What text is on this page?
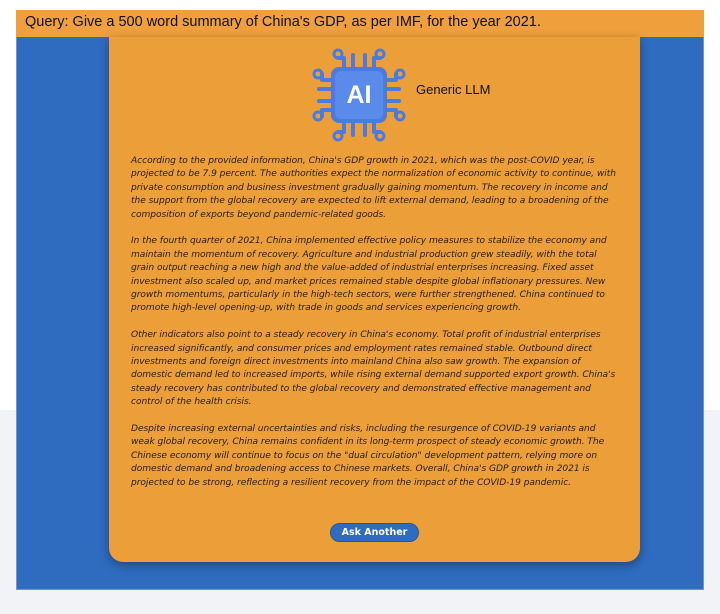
Query: Give a 500 word summary of China's GDP, as per IMF, for the year 2021.
AI	Generic LLM

According to the provided information, China's GDP growth in 2021, which was the post-COVID year, is projected to be 7.9 percent. The authorities expect the normalization of economic activity to continue, with private consumption and business investment gradually gaining momentum. The recovery in income and the support from the global recovery are expected to lift external demand, leading to a broadening of the composition of exports beyond pandemic-related goods.

In the fourth quarter of 2021, China implemented effective policy measures to stabilize the economy and maintain the momentum of recovery. Agriculture and industrial production grew steadily, with the total grain output reaching a new high and the value-added of industrial enterprises increasing. Fixed asset investment also scaled up, and market prices remained stable despite global inflationary pressures. New growth momentums, particularly in the high-tech sectors, were further strengthened. China continued to promote high-level opening-up, with trade in goods and services experiencing growth.

Other indicators also point to a steady recovery in China's economy. Total profit of industrial enterprises increased significantly, and consumer prices and employment rates remained stable. Outbound direct investments and foreign direct investments into mainland China also saw growth. The expansion of domestic demand led to increased imports, while rising external demand supported export growth. China's steady recovery has contributed to the global recovery and demonstrated effective management and control of the health crisis.

Despite increasing external uncertainties and risks, including the resurgence of COVID-19 variants and weak global recovery, China remains confident in its long-term prospect of steady economic growth. The Chinese economy will continue to focus on the "dual circulation" development pattern, relying more on domestic demand and broadening access to Chinese markets. Overall, China's GDP growth in 2021 is projected to be strong, reflecting a resilient recovery from the impact of the COVID-19 pandemic.

Ask Another
